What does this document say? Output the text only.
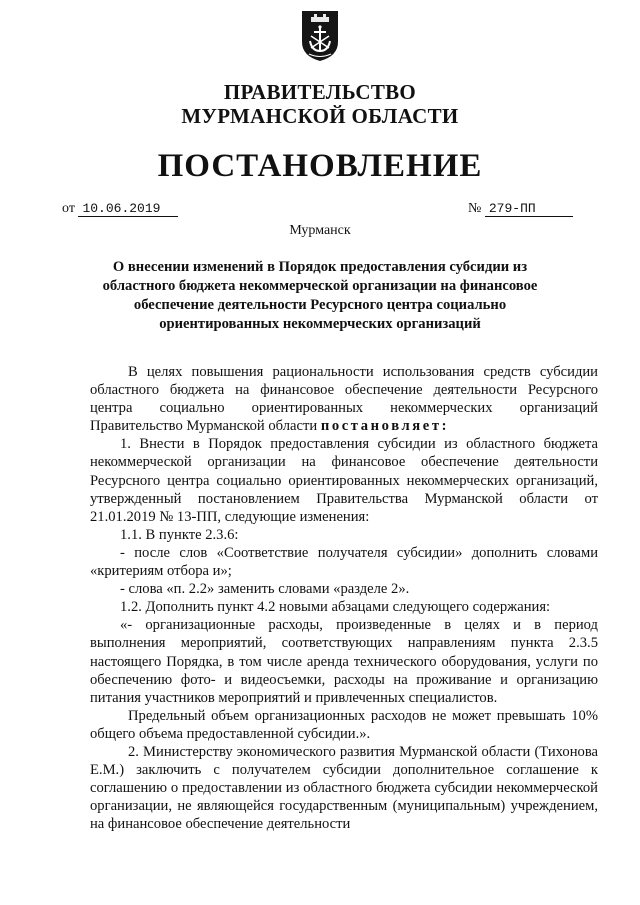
ПРАВИТЕЛЬСТВО
МУРМАНСКОЙ ОБЛАСТИ
ПОСТАНОВЛЕНИЕ
от 10.06.2019	№ 279-ПП
Мурманск
О внесении изменений в Порядок предоставления субсидии из областного бюджета некоммерческой организации на финансовое обеспечение деятельности Ресурсного центра социально ориентированных некоммерческих организаций

В целях повышения рациональности использования средств субсидии областного бюджета на финансовое обеспечение деятельности Ресурсного центра социально ориентированных некоммерческих организаций Правительство Мурманской области постановляет:

1. Внести в Порядок предоставления субсидии из областного бюджета некоммерческой организации на финансовое обеспечение деятельности Ресурсного центра социально ориентированных некоммерческих организаций, утвержденный постановлением Правительства Мурманской области от 21.01.2019 № 13-ПП, следующие изменения:

1.1. В пункте 2.3.6:

- после слов «Соответствие получателя субсидии» дополнить словами «критериям отбора и»;

- слова «п. 2.2» заменить словами «разделе 2».

1.2. Дополнить пункт 4.2 новыми абзацами следующего содержания:

«- организационные расходы, произведенные в целях и в период выполнения мероприятий, соответствующих направлениям пункта 2.3.5 настоящего Порядка, в том числе аренда технического оборудования, услуги по обеспечению фото- и видеосъемки, расходы на проживание и организацию питания участников мероприятий и привлеченных специалистов.

Предельный объем организационных расходов не может превышать 10% общего объема предоставленной субсидии.».

2. Министерству экономического развития Мурманской области (Тихонова Е.М.) заключить с получателем субсидии дополнительное соглашение к соглашению о предоставлении из областного бюджета субсидии некоммерческой организации, не являющейся государственным (муниципальным) учреждением, на финансовое обеспечение деятельности
